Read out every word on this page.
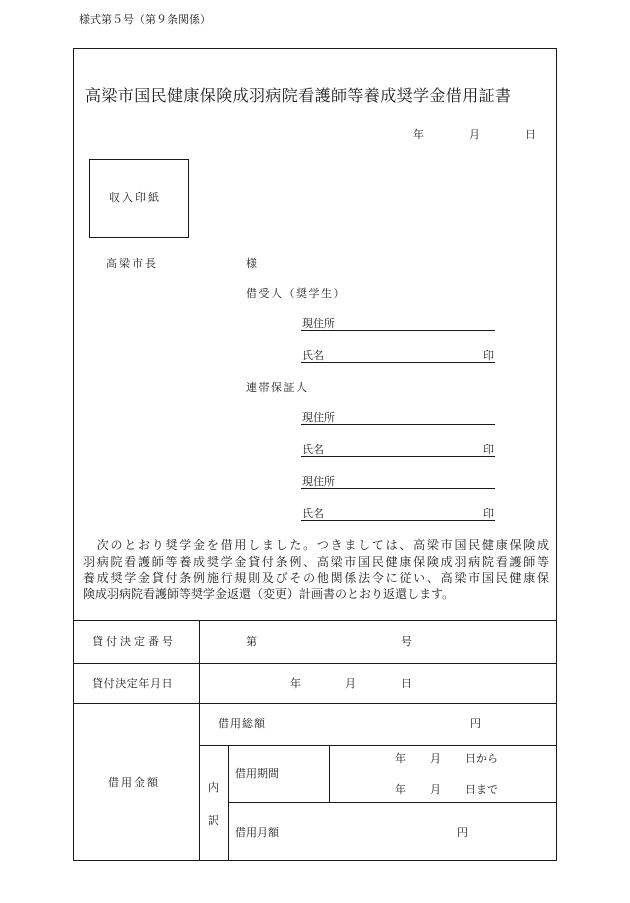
様式第５号（第９条関係）
高梁市国民健康保険成羽病院看護師等養成奨学金借用証書
年	月	日
収入印紙
高梁市長	様
借受人（奨学生）
現住所
氏名	印
連帯保証人
現住所
氏名	印
現住所
氏名	印
　次のとおり奨学金を借用しました。つきましては、高梁市国民健康保険成
羽病院看護師等養成奨学金貸付条例、高梁市国民健康保険成羽病院看護師等
養成奨学金貸付条例施行規則及びその他関係法令に従い、高梁市国民健康保
険成羽病院看護師等奨学金返還（変更）計画書のとおり返還します。
貸付決定番号	第	号
貸付決定年月日	年	月	日
借用金額
借用総額	円
内
訳
借用期間
年 月 日から
年 月 日まで
借用月額	円
